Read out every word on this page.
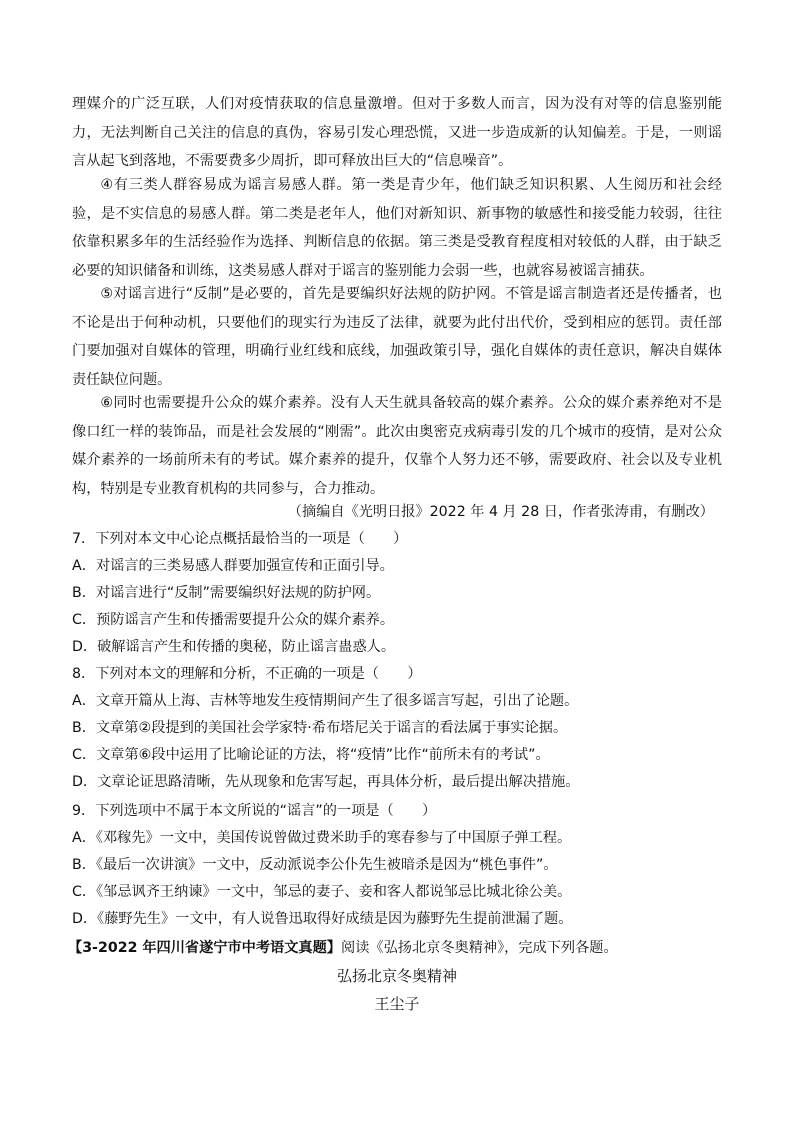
理媒介的广泛互联，人们对疫情获取的信息量激增。但对于多数人而言，因为没有对等的信息鉴别能力，无法判断自己关注的信息的真伪，容易引发心理恐慌，又进一步造成新的认知偏差。于是，一则谣言从起飞到落地，不需要费多少周折，即可释放出巨大的“信息噪音”。

④有三类人群容易成为谣言易感人群。第一类是青少年，他们缺乏知识积累、人生阅历和社会经验，是不实信息的易感人群。第二类是老年人，他们对新知识、新事物的敏感性和接受能力较弱，往往依靠积累多年的生活经验作为选择、判断信息的依据。第三类是受教育程度相对较低的人群，由于缺乏必要的知识储备和训练，这类易感人群对于谣言的鉴别能力会弱一些，也就容易被谣言捕获。

⑤对谣言进行“反制”是必要的，首先是要编织好法规的防护网。不管是谣言制造者还是传播者，也不论是出于何种动机，只要他们的现实行为违反了法律，就要为此付出代价，受到相应的惩罚。责任部门要加强对自媒体的管理，明确行业红线和底线，加强政策引导，强化自媒体的责任意识，解决自媒体责任缺位问题。

⑥同时也需要提升公众的媒介素养。没有人天生就具备较高的媒介素养。公众的媒介素养绝对不是像口红一样的装饰品，而是社会发展的“刚需”。此次由奥密克戎病毒引发的几个城市的疫情，是对公众媒介素养的一场前所未有的考试。媒介素养的提升，仅靠个人努力还不够，需要政府、社会以及专业机构，特别是专业教育机构的共同参与，合力推动。

（摘编自《光明日报》2022 年 4 月 28 日，作者张涛甫，有删改）
7．下列对本文中心论点概括最恰当的一项是（　　）
A．对谣言的三类易感人群要加强宣传和正面引导。
B．对谣言进行“反制”需要编织好法规的防护网。
C．预防谣言产生和传播需要提升公众的媒介素养。
D．破解谣言产生和传播的奥秘，防止谣言蛊惑人。
8．下列对本文的理解和分析，不正确的一项是（　　）
A．文章开篇从上海、吉林等地发生疫情期间产生了很多谣言写起，引出了论题。
B．文章第②段提到的美国社会学家特·希布塔尼关于谣言的看法属于事实论据。
C．文章第⑥段中运用了比喻论证的方法，将“疫情”比作“前所未有的考试”。
D．文章论证思路清晰，先从现象和危害写起，再具体分析，最后提出解决措施。
9．下列选项中不属于本文所说的“谣言”的一项是（　　）
A．《邓稼先》一文中，美国传说曾做过费米助手的寒春参与了中国原子弹工程。
B．《最后一次讲演》一文中，反动派说李公仆先生被暗杀是因为“桃色事件”。
C．《邹忌讽齐王纳谏》一文中，邹忌的妻子、妾和客人都说邹忌比城北徐公美。
D．《藤野先生》一文中，有人说鲁迅取得好成绩是因为藤野先生提前泄漏了题。
【3-2022 年四川省遂宁市中考语文真题】阅读《弘扬北京冬奥精神》，完成下列各题。
弘扬北京冬奥精神
王尘子
